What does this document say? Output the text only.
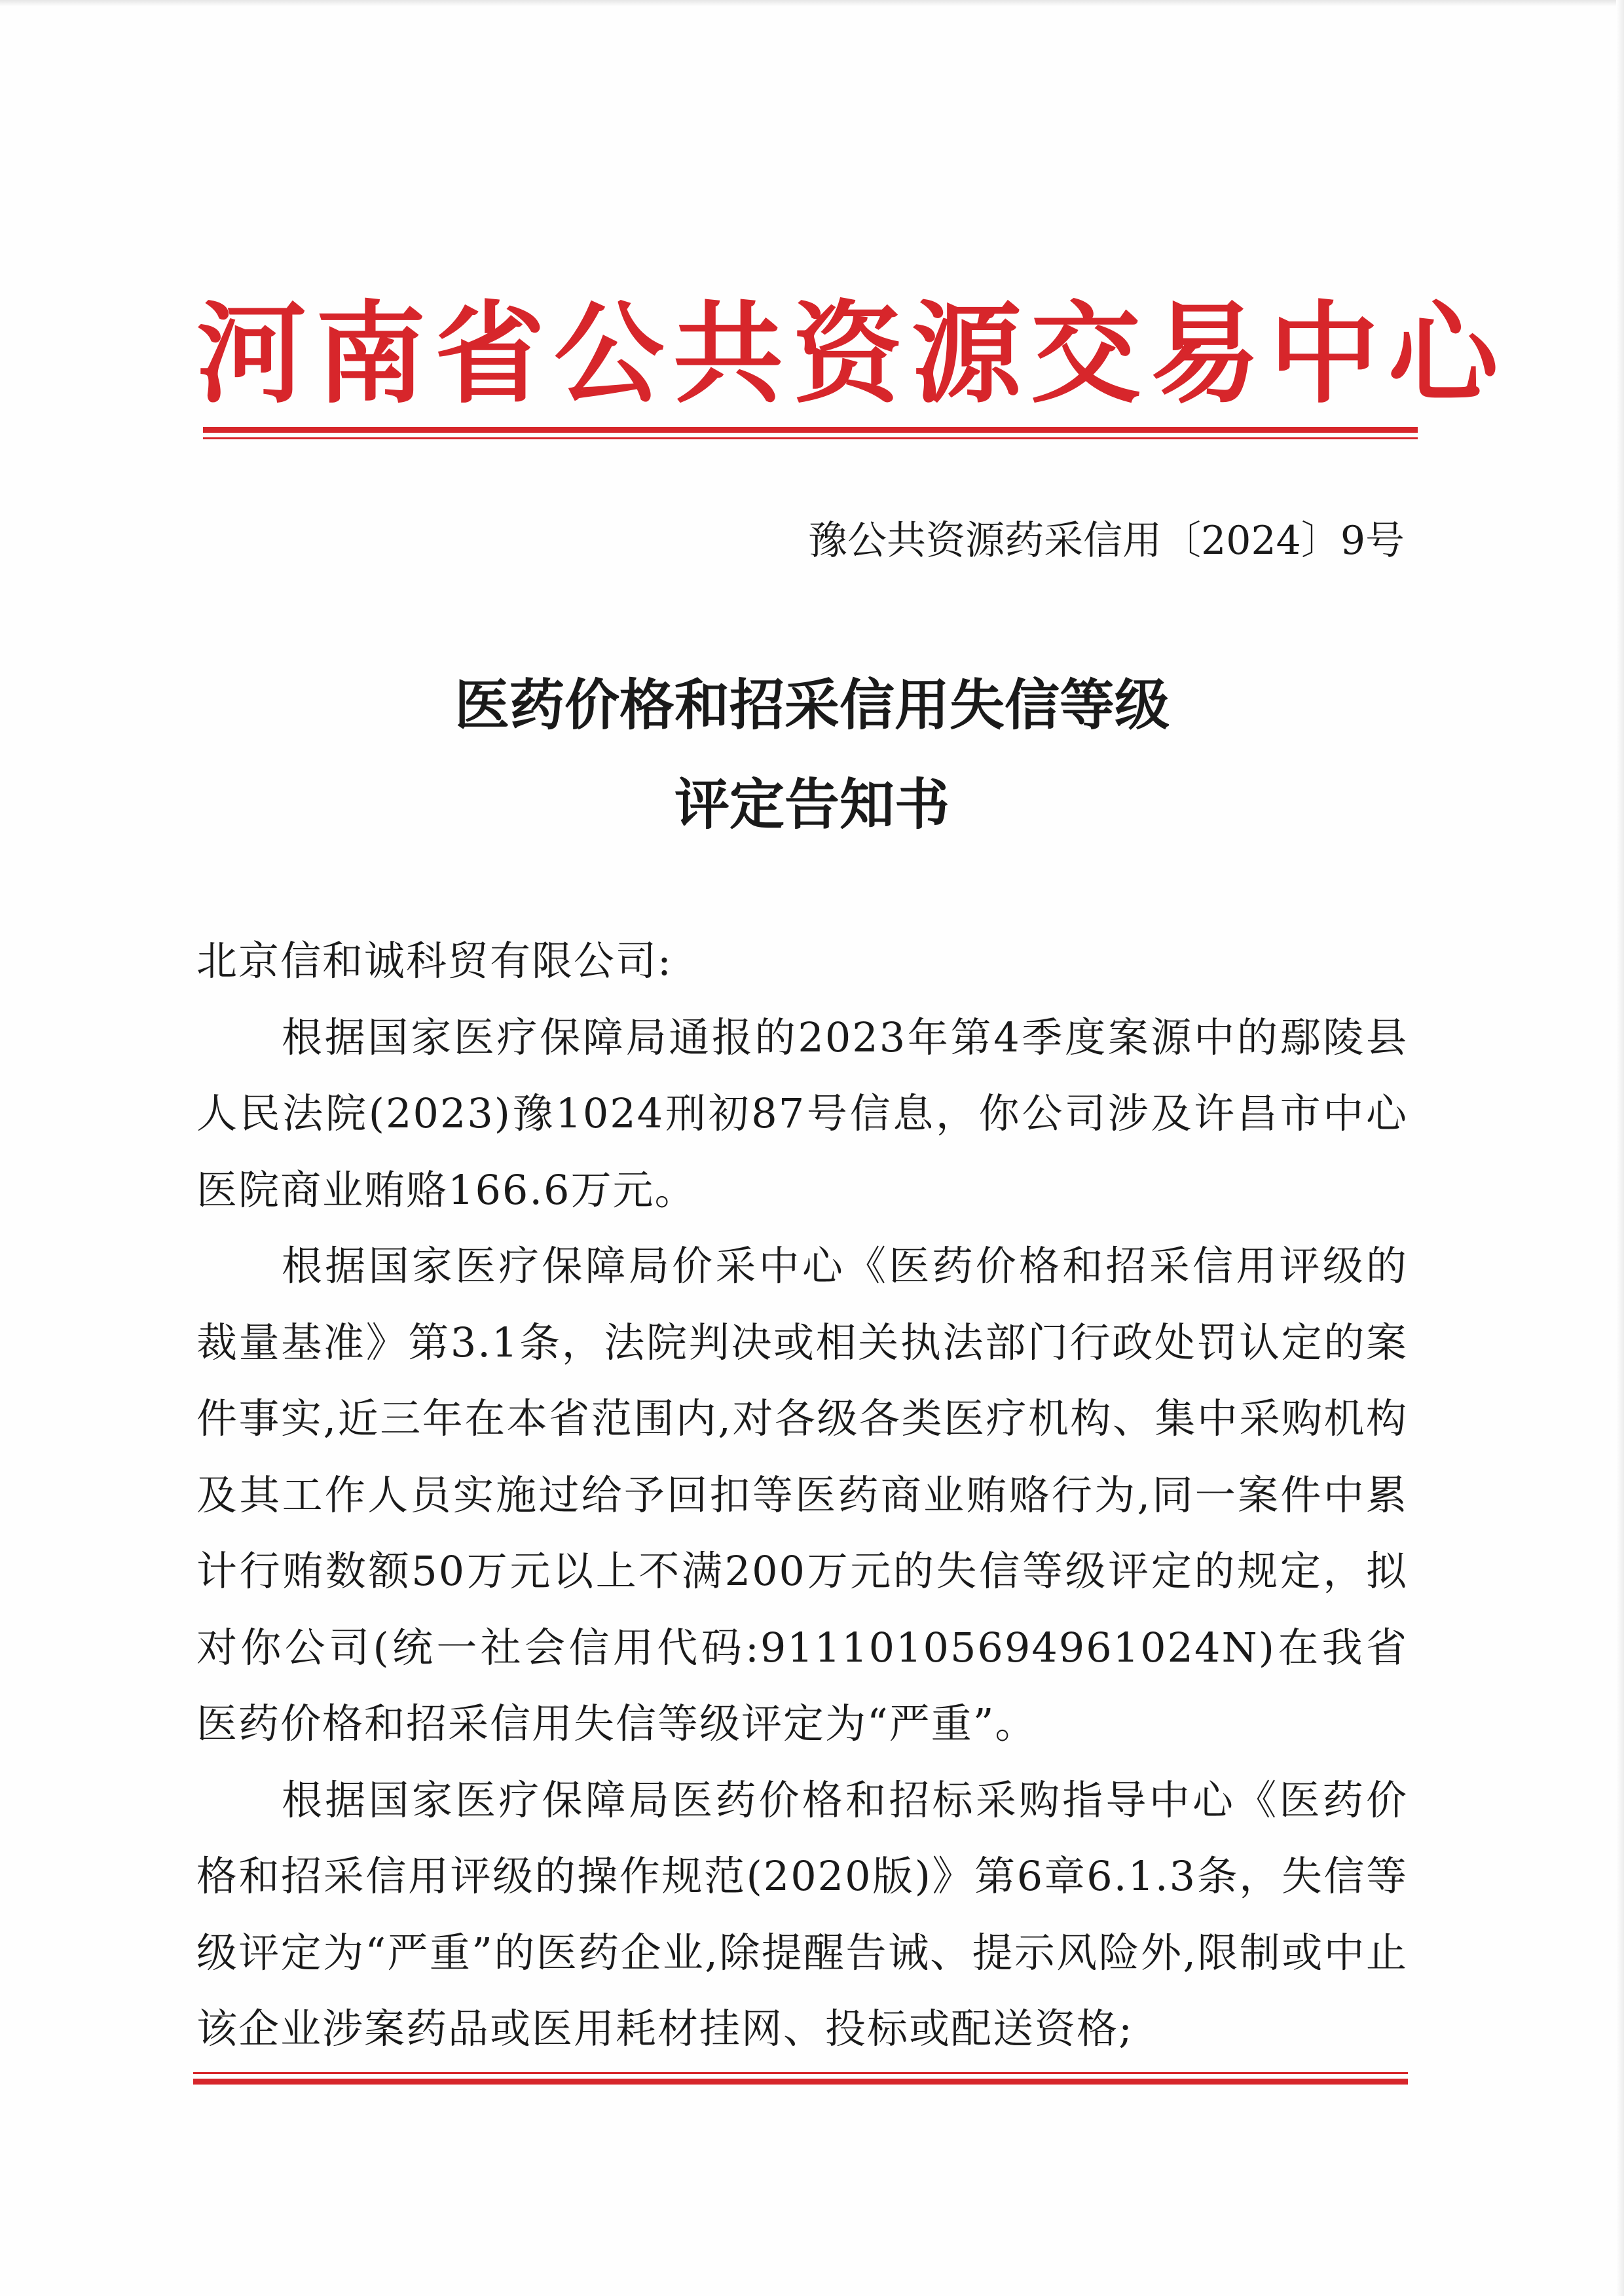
河南省公共资源交易中心
豫公共资源药采信用〔2024〕9号
医药价格和招采信用失信等级
评定告知书

北京信和诚科贸有限公司:

根据国家医疗保障局通报的2023年第4季度案源中的鄢陵县人民法院(2023)豫1024刑初87号信息，你公司涉及许昌市中心医院商业贿赂166.6万元。

根据国家医疗保障局价采中心《医药价格和招采信用评级的裁量基准》第3.1条，法院判决或相关执法部门行政处罚认定的案件事实,近三年在本省范围内,对各级各类医疗机构、集中采购机构及其工作人员实施过给予回扣等医药商业贿赂行为,同一案件中累计行贿数额50万元以上不满200万元的失信等级评定的规定，拟对你公司(统一社会信用代码:91110105694961024N)在我省医药价格和招采信用失信等级评定为“严重”。

根据国家医疗保障局医药价格和招标采购指导中心《医药价格和招采信用评级的操作规范(2020版)》第6章6.1.3条，失信等级评定为“严重”的医药企业,除提醒告诫、提示风险外,限制或中止该企业涉案药品或医用耗材挂网、投标或配送资格;
